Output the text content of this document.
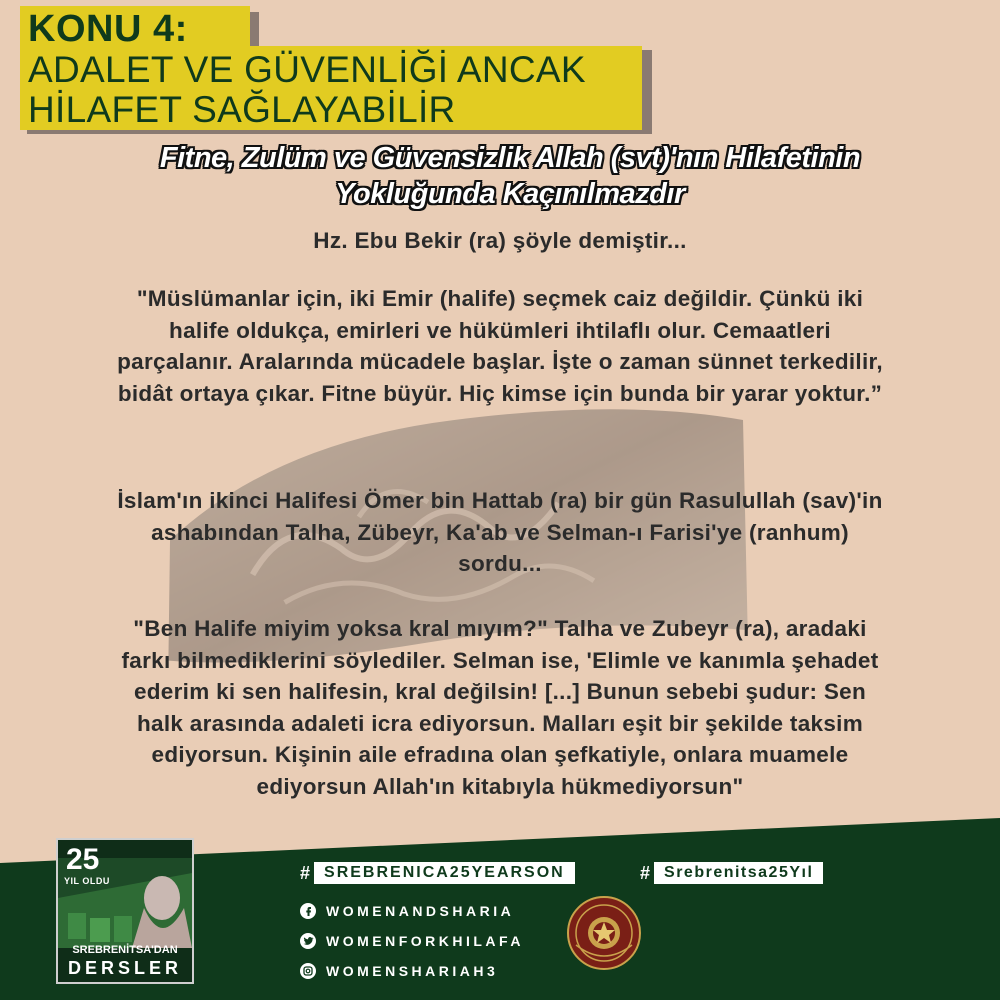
KONU 4:
ADALET VE GÜVENLİĞİ ANCAK
HİLAFET SAĞLAYABİLİR
Fitne, Zulüm ve Güvensizlik Allah (svt)'nın Hilafetinin
Yokluğunda Kaçınılmazdır
Hz. Ebu Bekir (ra) şöyle demiştir...
"Müslümanlar için, iki Emir (halife) seçmek caiz değildir. Çünkü iki
halife oldukça, emirleri ve hükümleri ihtilaflı olur. Cemaatleri
parçalanır. Aralarında mücadele başlar. İşte o zaman sünnet terkedilir,
bidât ortaya çıkar. Fitne büyür. Hiç kimse için bunda bir yarar yoktur.”
İslam'ın ikinci Halifesi Ömer bin Hattab (ra) bir gün Rasulullah (sav)'in
ashabından Talha, Zübeyr, Ka'ab ve Selman-ı Farisi'ye (ranhum)
sordu...
"Ben Halife miyim yoksa kral mıyım?" Talha ve Zubeyr (ra), aradaki
farkı bilmediklerini söylediler. Selman ise, 'Elimle ve kanımla şehadet
ederim ki sen halifesin, kral değilsin! [...] Bunun sebebi şudur: Sen
halk arasında adaleti icra ediyorsun. Malları eşit bir şekilde taksim
ediyorsun. Kişinin aile efradına olan şefkatiyle, onlara muamele
ediyorsun Allah'ın kitabıyla hükmediyorsun"
25
YIL OLDU
SREBRENİTSA'DAN
DERSLER
# SREBRENICA25YEARSON	# Srebrenitsa25Yıl
WOMENANDSHARIA
WOMENFORKHILAFA
WOMENSHARIAH3
